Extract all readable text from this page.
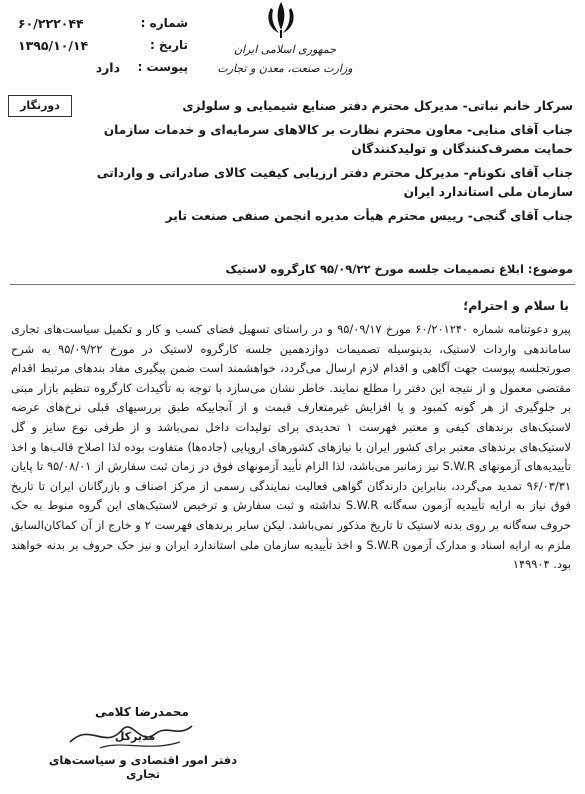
شماره :
۶۰/۲۲۲۰۴۴
تاریخ :
۱۳۹۵/۱۰/۱۴
پیوست :
دارد
جمهوری اسلامی ایران
وزارت صنعت، معدن و تجارت
دورنگار	سرکار خانم نباتی- مدیرکل محترم دفتر صنایع شیمیایی و سلولزی

جناب آقای منایی- معاون محترم نظارت بر کالاهای سرمایه‌ای و خدمات سازمان حمایت مصرف‌کنندگان و تولیدکنندگان

جناب آقای نکونام- مدیرکل محترم دفتر ارزیابی کیفیت کالای صادراتی و وارداتی سازمان ملی استاندارد ایران

جناب آقای گنجی- رییس محترم هیأت مدیره انجمن صنفی صنعت تایر

موضوع: ابلاغ تصمیمات جلسه مورخ ۹۵/۰۹/۲۲ کارگروه لاستیک
با سلام و احترام؛

پیرو دعوتنامه شماره ۶۰/۲۰۱۲۴۰ مورخ ۹۵/۰۹/۱۷ و در راستای تسهیل فضای کسب و کار و تکمیل سیاست‌های تجاری ساماندهی واردات لاستیک، بدینوسیله تصمیمات دوازدهمین جلسه کارگروه لاستیک در مورخ ۹۵/۰۹/۲۲ به شرح صورتجلسه پیوست جهت آگاهی و اقدام لازم ارسال می‌گردد، خواهشمند است ضمن پیگیری مفاد بندهای مرتبط اقدام مقتضی معمول و از نتیجه این دفتر را مطلع نمایند. خاطر نشان می‌سازد با توجه به تأکیدات کارگروه تنظیم بازار مبنی بر جلوگیری از هر گونه کمبود و یا افزایش غیرمتعارف قیمت و از آنجاییکه طبق بررسیهای قبلی نرخ‌های عرضه لاستیک‌های برندهای کیفی و معتبر فهرست ۱ تحدیدی برای تولیدات داخل نمی‌باشد و از طرفی نوع سایز و گل لاستیک‌های برندهای معتبر برای کشور ایران با نیازهای کشورهای اروپایی (جاده‌ها) متفاوت بوده لذا اصلاح قالب‌ها و اخذ تأییدیه‌های آزمونهای S.W.R نیز زمانبر می‌باشد، لذا الزام تأیید آزمونهای فوق در زمان ثبت سفارش از ۹۵/۰۸/۰۱ تا پایان ۹۶/۰۳/۳۱ تمدید می‌گردد، بنابراین دارندگان گواهی فعالیت نمایندگی رسمی از مرکز اصناف و بازرگانان ایران تا تاریخ فوق نیاز به ارایه تأییدیه آزمون سه‌گانه S.W.R نداشته و ثبت سفارش و ترخیص لاستیک‌های این گروه منوط به حک حروف سه‌گانه بر روی بدنه لاستیک تا تاریخ مذکور نمی‌باشد. لیکن سایر برندهای فهرست ۲ و خارج از آن کماکان‌السابق ملزم به ارایه اسناد و مدارک آزمون S.W.R و اخذ تأییدیه سازمان ملی استاندارد ایران و نیز حک حروف بر بدنه خواهند بود. ۱۴۹۹۰۴

محمدرضا کلامی
مدیرکل
دفتر امور اقتصادی و سیاست‌های تجاری
